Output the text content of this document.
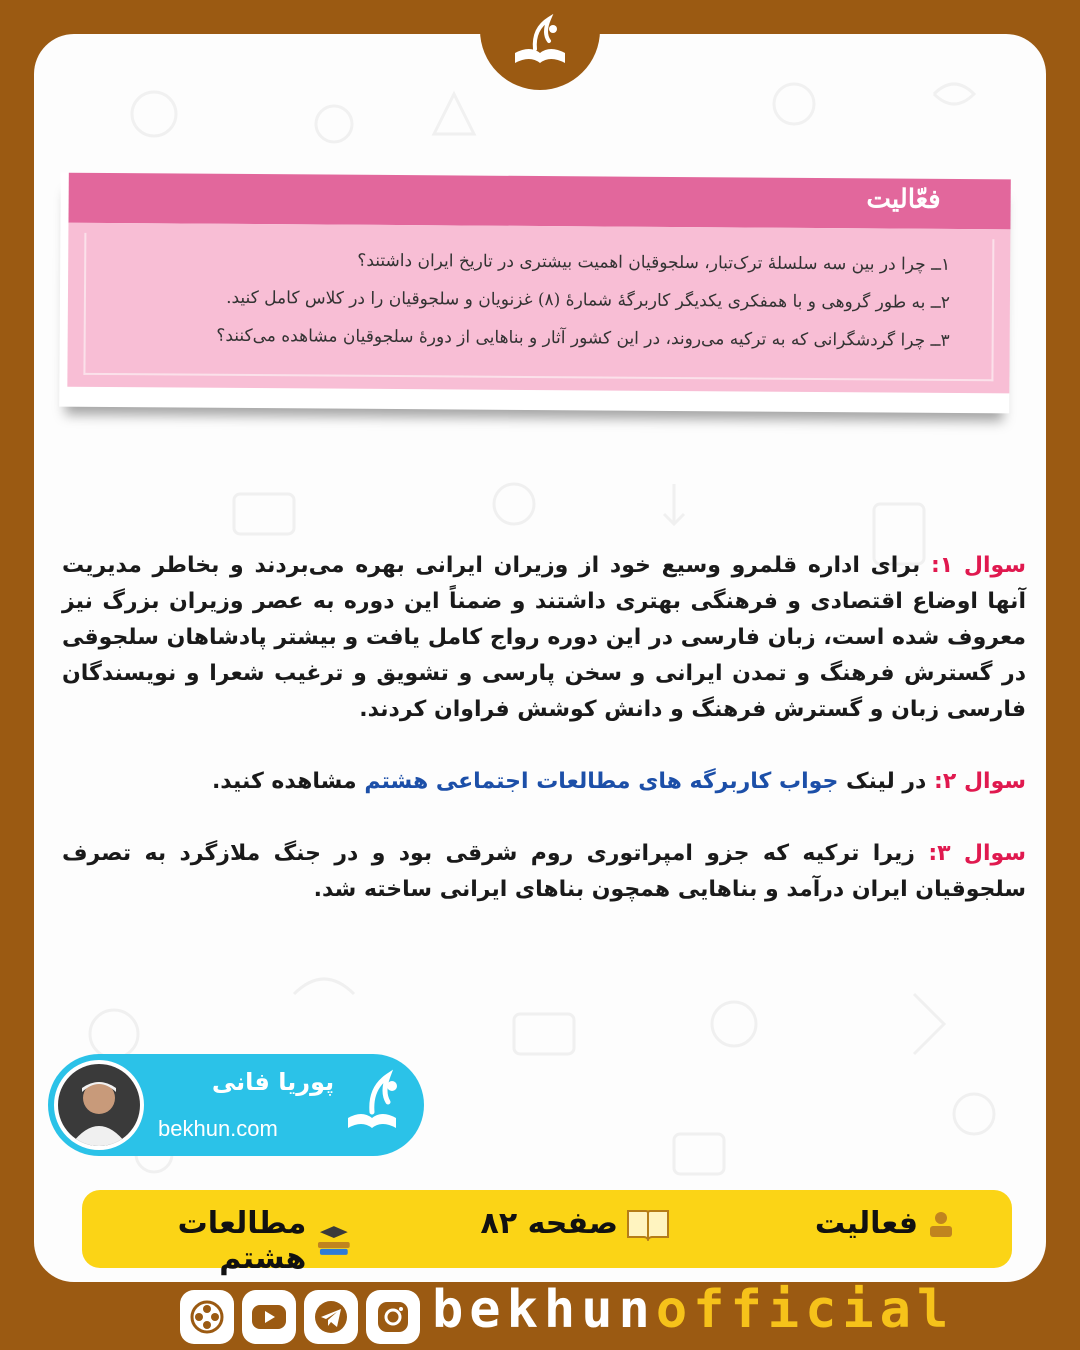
فعّالیت
۱ــ چرا در بین سه سلسلهٔ ترک‌تبار، سلجوقیان اهمیت بیشتری در تاریخ ایران داشتند؟
۲ــ به طور گروهی و با همفکری یکدیگر کاربرگهٔ شمارهٔ (۸) غزنویان و سلجوقیان را در کلاس کامل کنید.
۳ــ چرا گردشگرانی که به ترکیه می‌روند، در این کشور آثار و بناهایی از دورهٔ سلجوقیان مشاهده می‌کنند؟

سوال ۱: برای اداره قلمرو وسیع خود از وزیران ایرانی بهره می‌بردند و بخاطر مدیریت آنها اوضاع اقتصادی و فرهنگی بهتری داشتند و ضمناً این دوره به عصر وزیران بزرگ نیز معروف شده است، زبان فارسی در این دوره رواج کامل یافت و بیشتر پادشاهان سلجوقی در گسترش فرهنگ و تمدن ایرانی و سخن پارسی و تشویق و ترغیب شعرا و نویسندگان فارسی زبان و گسترش فرهنگ و دانش کوشش فراوان کردند.

سوال ۲: در لینک جواب کاربرگه های مطالعات اجتماعی هشتم مشاهده کنید.

سوال ۳: زیرا ترکیه که جزو امپراتوری روم شرقی بود و در جنگ ملازگرد به تصرف سلجوقیان ایران درآمد و بناهایی همچون بناهای ایرانی ساخته شد.

پوریا فانی
bekhun.com
فعالیت
صفحه ۸۲
مطالعات هشتم
bekhunofficial
